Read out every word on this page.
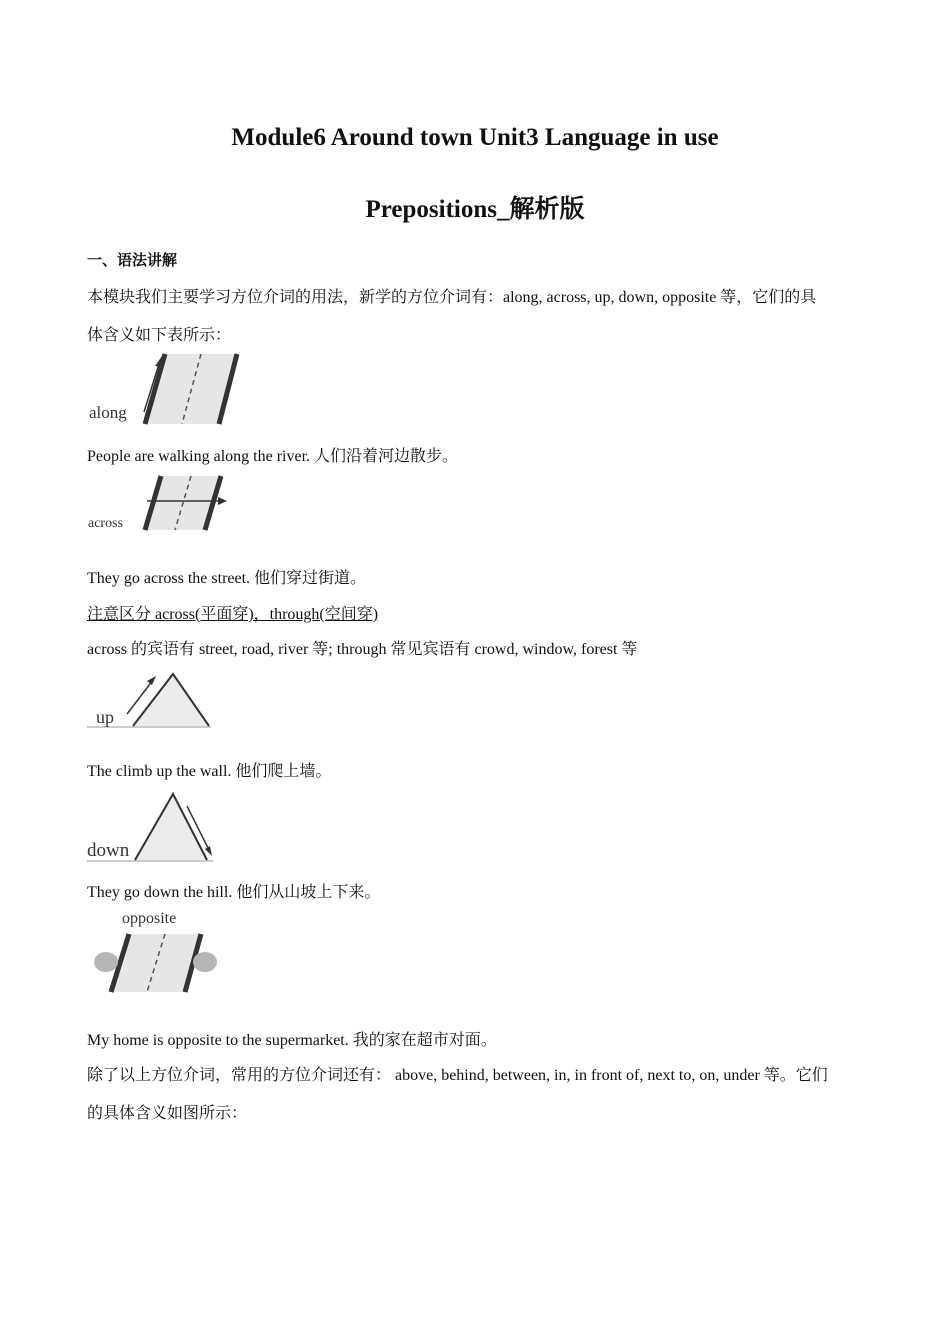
Module6 Around town Unit3 Language in use
Prepositions_解析版
一、语法讲解
本模块我们主要学习方位介词的用法，新学的方位介词有：along, across, up, down, opposite 等，它们的具
体含义如下表所示：
along
People are walking along the river. 人们沿着河边散步。
across
They go across the street. 他们穿过街道。
注意区分 across(平面穿)，through(空间穿)
across 的宾语有 street, road, river 等; through 常见宾语有 crowd, window, forest 等
up
The climb up the wall. 他们爬上墙。
down
They go down the hill. 他们从山坡上下来。
opposite
My home is opposite to the supermarket. 我的家在超市对面。
除了以上方位介词，常用的方位介词还有： above, behind, between, in, in front of, next to, on, under 等。它们
的具体含义如图所示：
